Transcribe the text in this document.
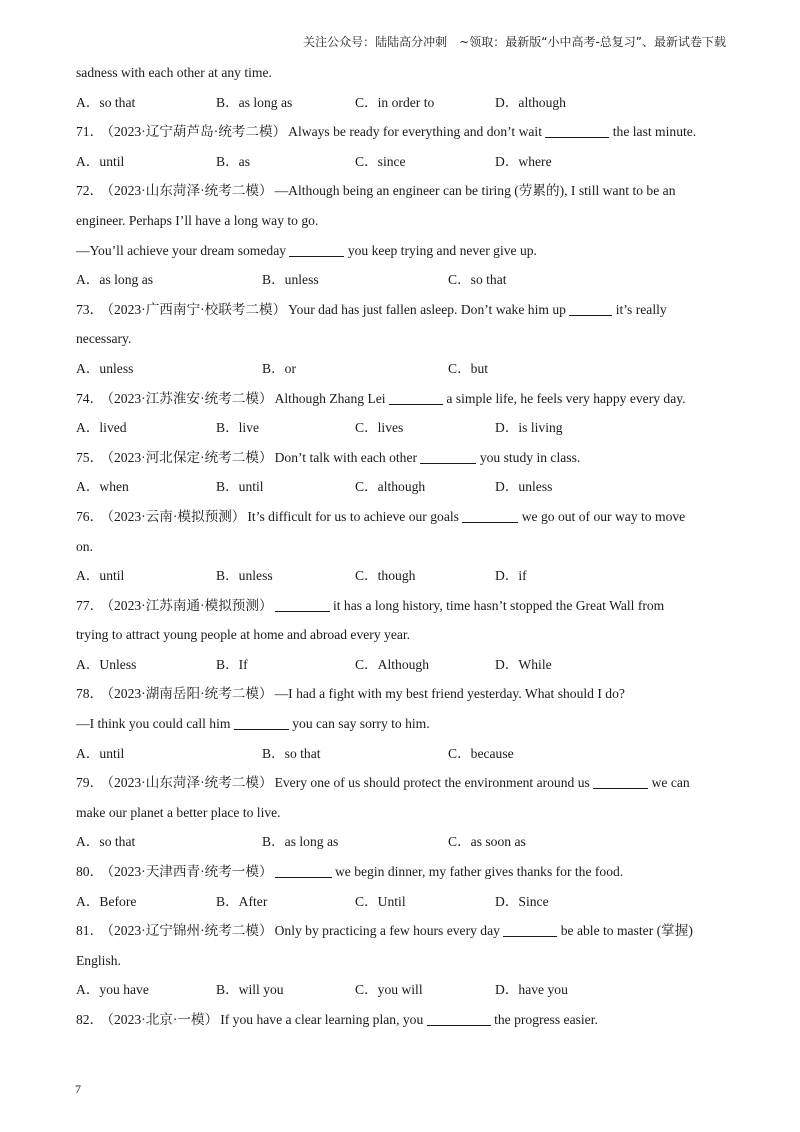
关注公众号：陆陆高分冲刺　~领取：最新版“小中高考-总复习”、最新试卷下载
sadness with each other at any time.
A．so that	B．as long as	C．in order to	D．although
71． （2023·辽宁葫芦岛·统考二模） Always be ready for everything and don’t wait	the last minute.
A．until	B．as	C．since	D．where
72． （2023·山东菏泽·统考二模） —Although being an engineer can be tiring (劳累的), I still want to be an
engineer. Perhaps I’ll have a long way to go.
—You’ll achieve your dream someday	you keep trying and never give up.
A．as long as	B．unless	C．so that
73． （2023·广西南宁·校联考二模） Your dad has just fallen asleep. Don’t wake him up	it’s really
necessary.
A．unless	B．or	C．but
74． （2023·江苏淮安·统考二模） Although Zhang Lei	a simple life, he feels very happy every day.
A．lived	B．live	C．lives	D．is living
75． （2023·河北保定·统考二模） Don’t talk with each other	you study in class.
A．when	B．until	C．although	D．unless
76． （2023·云南·模拟预测） It’s difficult for us to achieve our goals	we go out of our way to move
on.
A．until	B．unless	C．though	D．if
77． （2023·江苏南通·模拟预测）	it has a long history, time hasn’t stopped the Great Wall from
trying to attract young people at home and abroad every year.
A．Unless	B．If	C．Although	D．While
78． （2023·湖南岳阳·统考二模） —I had a fight with my best friend yesterday. What should I do?
—I think you could call him	you can say sorry to him.
A．until	B．so that	C．because
79． （2023·山东菏泽·统考二模） Every one of us should protect the environment around us	we can
make our planet a better place to live.
A．so that	B．as long as	C．as soon as
80． （2023·天津西青·统考一模）	we begin dinner, my father gives thanks for the food.
A．Before	B．After	C．Until	D．Since
81． （2023·辽宁锦州·统考二模） Only by practicing a few hours every day	be able to master (掌握)
English.
A．you have	B．will you	C．you will	D．have you
82． （2023·北京·一模） If you have a clear learning plan, you	the progress easier.
7
